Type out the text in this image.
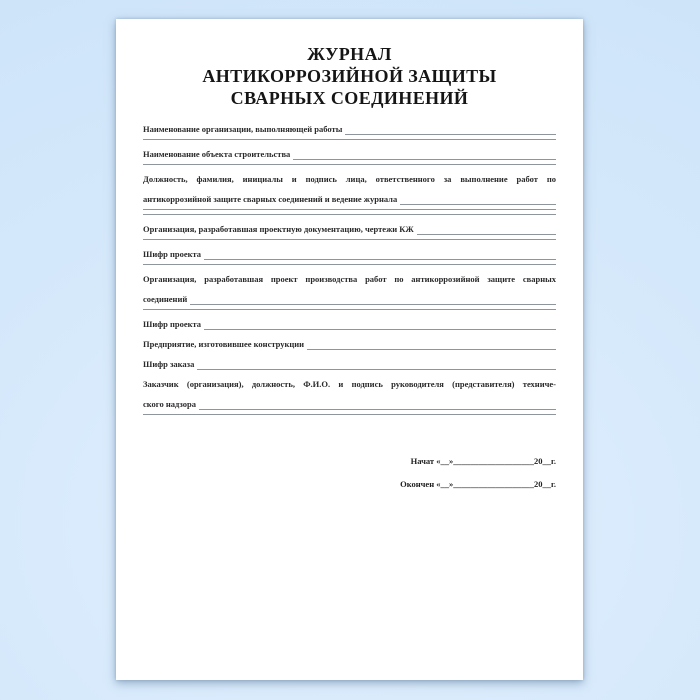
ЖУРНАЛ
АНТИКОРРОЗИЙНОЙ ЗАЩИТЫ
СВАРНЫХ СОЕДИНЕНИЙ
Наименование организации, выполняющей работы
Наименование объекта строительства
Должность, фамилия, инициалы и подпись лица, ответственного за выполнение работ по
антикоррозийной защите сварных соединений и ведение журнала
Организация, разработавшая проектную документацию, чертежи КЖ
Шифр проекта
Организация, разработавшая проект производства работ по антикоррозийной защите сварных
соединений
Шифр проекта
Предприятие, изготовившее конструкции
Шифр заказа
Заказчик (организация), должность, Ф.И.О. и подпись руководителя (представителя) техниче-
ского надзора
Начат «__»___________________20__г.
Окончен «__»___________________20__г.
